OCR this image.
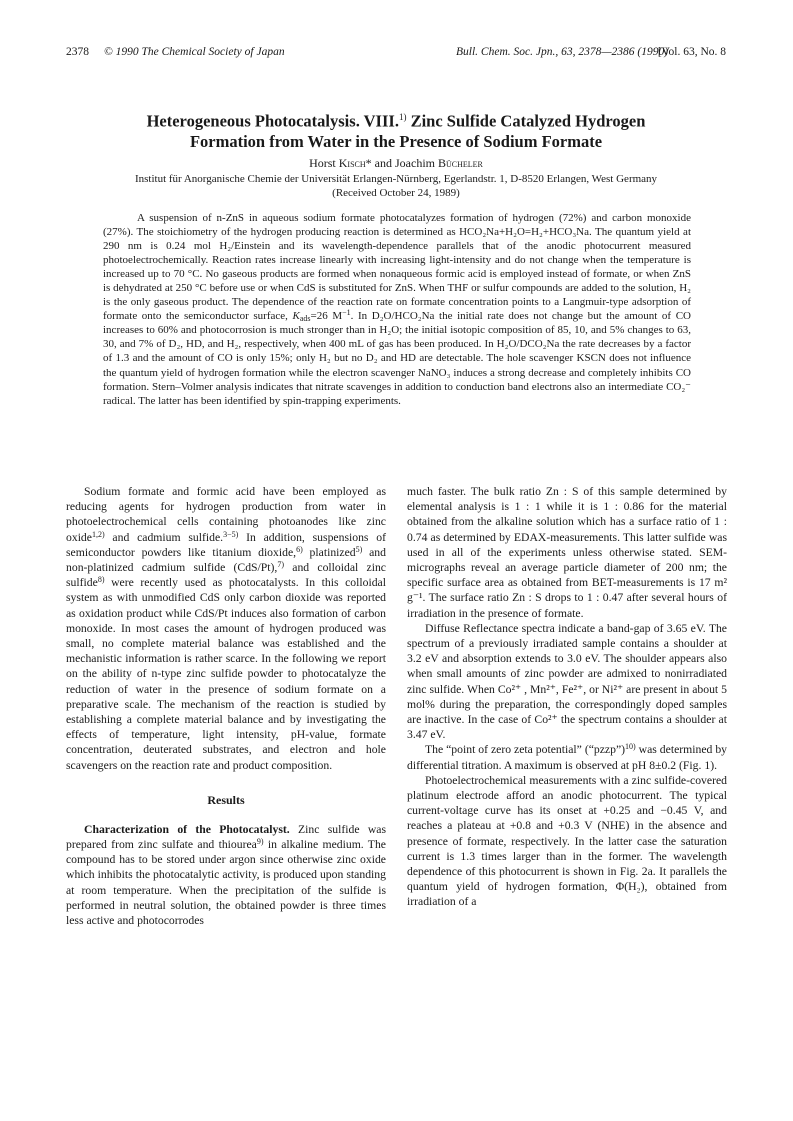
2378 © 1990 The Chemical Society of Japan	Bull. Chem. Soc. Jpn., 63, 2378—2386 (1990)
[Vol. 63, No. 8
Heterogeneous Photocatalysis. VIII.$^{1)}$ Zinc Sulfide Catalyzed Hydrogen
Formation from Water in the Presence of Sodium Formate
Horst Kisch* and Joachim Bücheler
Institut für Anorganische Chemie der Universität Erlangen-Nürnberg, Egerlandstr. 1, D-8520 Erlangen, West Germany
(Received October 24, 1989)

A suspension of n-ZnS in aqueous sodium formate photocatalyzes formation of hydrogen (72%) and carbon monoxide (27%). The stoichiometry of the hydrogen producing reaction is determined as HCO₂Na+H₂O=H₂+HCO₃Na. The quantum yield at 290 nm is 0.24 mol H₂/Einstein and its wavelength-dependence parallels that of the anodic photocurrent measured photoelectrochemically. Reaction rates increase linearly with increasing light-intensity and do not change when the temperature is increased up to 70 °C. No gaseous products are formed when nonaqueous formic acid is employed instead of formate, or when ZnS is dehydrated at 250 °C before use or when CdS is substituted for ZnS. When THF or sulfur compounds are added to the solution, H₂ is the only gaseous product. The dependence of the reaction rate on formate concentration points to a Langmuir-type adsorption of formate onto the semiconductor surface, $K_{ads}=26$ $M^{-1}$. In D₂O/HCO₂Na the initial rate does not change but the amount of CO increases to 60% and photocorrosion is much stronger than in H₂O; the initial isotopic composition of 85, 10, and 5% changes to 63, 30, and 7% of D₂, HD, and H₂, respectively, when 400 mL of gas has been produced. In H₂O/DCO₂Na the rate decreases by a factor of 1.3 and the amount of CO is only 15%; only H₂ but no D₂ and HD are detectable. The hole scavenger KSCN does not influence the quantum yield of hydrogen formation while the electron scavenger NaNO₃ induces a strong decrease and completely inhibits CO formation. Stern–Volmer analysis indicates that nitrate scavenges in addition to conduction band electrons also an intermediate CO₂⁻ radical. The latter has been identified by spin-trapping experiments.

Sodium formate and formic acid have been employed as reducing agents for hydrogen production from water in photoelectrochemical cells containing photoanodes like zinc oxide$^{1,2)}$ and cadmium sulfide.$^{3-5)}$ In addition, suspensions of semiconductor powders like titanium dioxide,$^{6)}$ platinized$^{5)}$ and non-platinized cadmium sulfide (CdS/Pt),$^{7)}$ and colloidal zinc sulfide$^{8)}$ were recently used as photocatalysts. In this colloidal system as with unmodified CdS only carbon dioxide was reported as oxidation product while CdS/Pt induces also formation of carbon monoxide. In most cases the amount of hydrogen produced was small, no complete material balance was established and the mechanistic information is rather scarce. In the following we report on the ability of n-type zinc sulfide powder to photocatalyze the reduction of water in the presence of sodium formate on a preparative scale. The mechanism of the reaction is studied by establishing a complete material balance and by investigating the effects of temperature, light intensity, pH-value, formate concentration, deuterated substrates, and electron and hole scavengers on the reaction rate and product composition.

Results

Characterization of the Photocatalyst. Zinc sulfide was prepared from zinc sulfate and thiourea$^{9)}$ in alkaline medium. The compound has to be stored under argon since otherwise zinc oxide which inhibits the photocatalytic activity, is produced upon standing at room temperature. When the precipitation of the sulfide is performed in neutral solution, the obtained powder is three times less active and photocorrodes

much faster. The bulk ratio Zn : S of this sample determined by elemental analysis is 1 : 1 while it is 1 : 0.86 for the material obtained from the alkaline solution which has a surface ratio of 1 : 0.74 as determined by EDAX-measurements. This latter sulfide was used in all of the experiments unless otherwise stated. SEM-micrographs reveal an average particle diameter of 200 nm; the specific surface area as obtained from BET-measurements is 17 m² g⁻¹. The surface ratio Zn : S drops to 1 : 0.47 after several hours of irradiation in the presence of formate.

Diffuse Reflectance spectra indicate a band-gap of 3.65 eV. The spectrum of a previously irradiated sample contains a shoulder at 3.2 eV and absorption extends to 3.0 eV. The shoulder appears also when small amounts of zinc powder are admixed to nonirradiated zinc sulfide. When Co²⁺ , Mn²⁺, Fe²⁺, or Ni²⁺ are present in about 5 mol% during the preparation, the correspondingly doped samples are inactive. In the case of Co²⁺ the spectrum contains a shoulder at 3.47 eV.

The “point of zero zeta potential” (“pzzp”)$^{10)}$ was determined by differential titration. A maximum is observed at pH 8±0.2 (Fig. 1).

Photoelectrochemical measurements with a zinc sulfide-covered platinum electrode afford an anodic photocurrent. The typical current-voltage curve has its onset at +0.25 and −0.45 V, and reaches a plateau at +0.8 and +0.3 V (NHE) in the absence and presence of formate, respectively. In the latter case the saturation current is 1.3 times larger than in the former. The wavelength dependence of this photocurrent is shown in Fig. 2a. It parallels the quantum yield of hydrogen formation, Φ(H₂), obtained from irradiation of a
